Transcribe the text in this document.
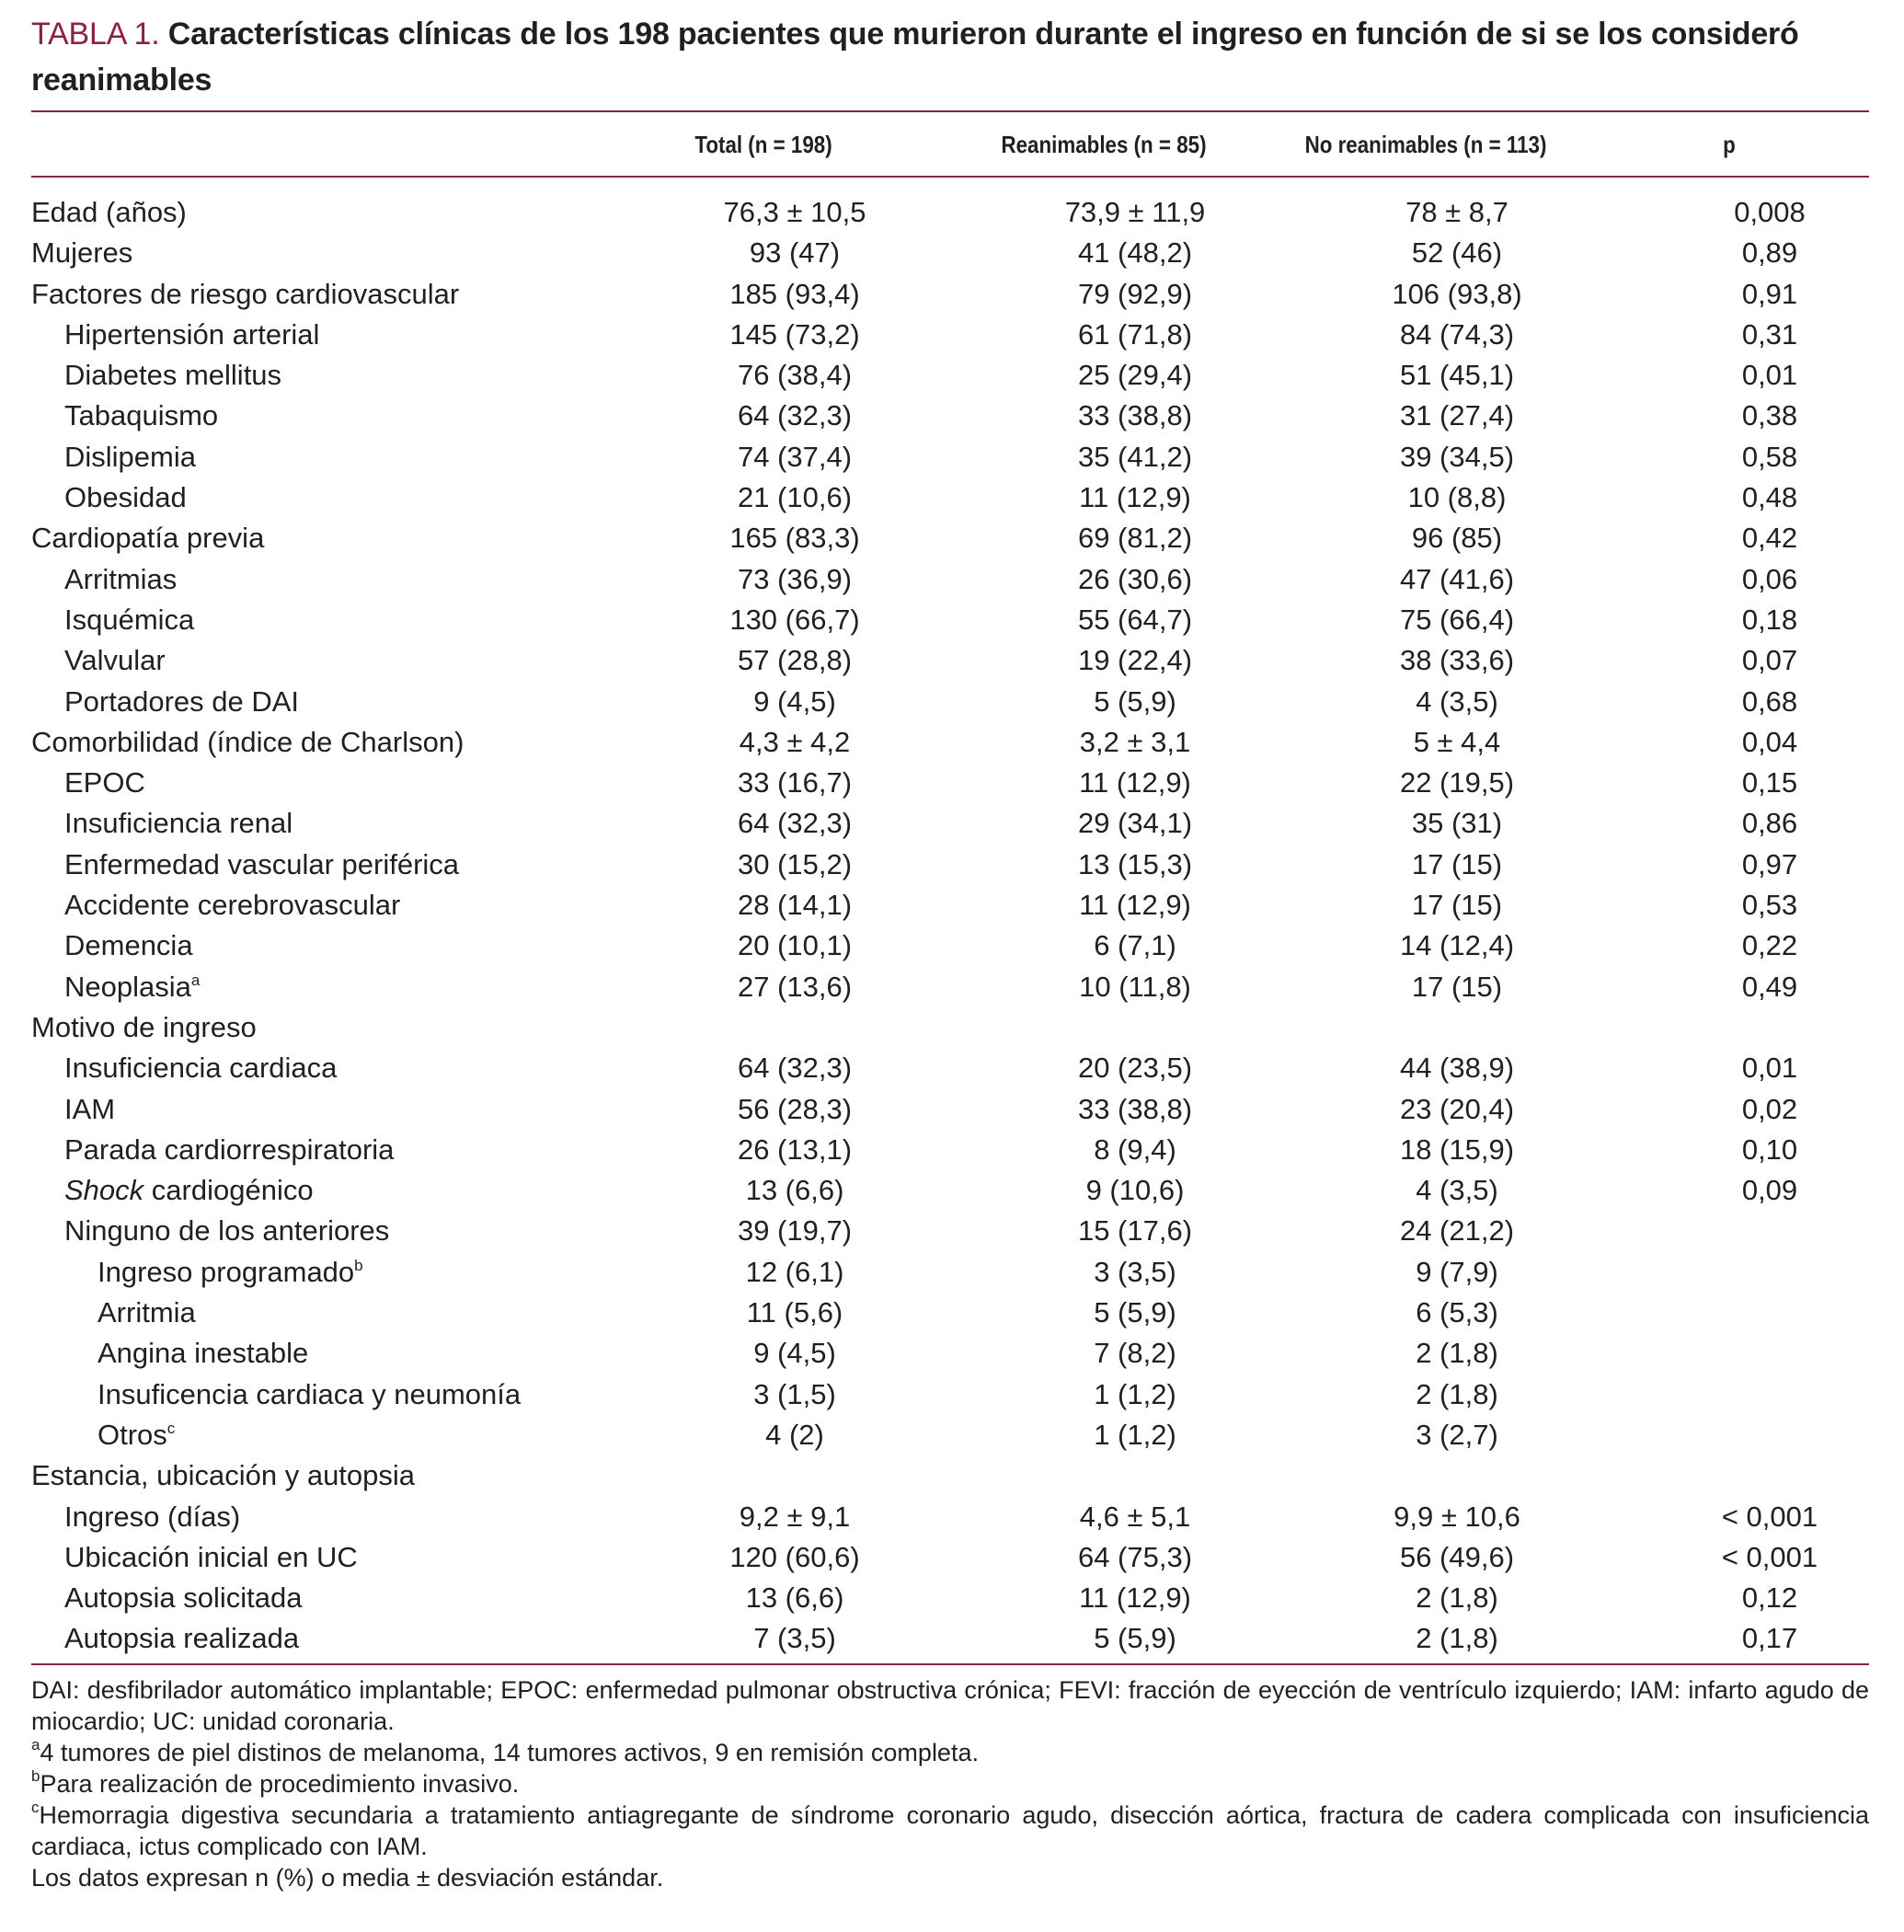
TABLA 1. Características clínicas de los 198 pacientes que murieron durante el ingreso en función de si se los consideró reanimables
Total (n = 198)	Reanimables (n = 85)	No reanimables (n = 113)	p
Edad (años)	76,3 ± 10,5	73,9 ± 11,9	78 ± 8,7	0,008
Mujeres	93 (47)	41 (48,2)	52 (46)	0,89
Factores de riesgo cardiovascular	185 (93,4)	79 (92,9)	106 (93,8)	0,91
Hipertensión arterial	145 (73,2)	61 (71,8)	84 (74,3)	0,31
Diabetes mellitus	76 (38,4)	25 (29,4)	51 (45,1)	0,01
Tabaquismo	64 (32,3)	33 (38,8)	31 (27,4)	0,38
Dislipemia	74 (37,4)	35 (41,2)	39 (34,5)	0,58
Obesidad	21 (10,6)	11 (12,9)	10 (8,8)	0,48
Cardiopatía previa	165 (83,3)	69 (81,2)	96 (85)	0,42
Arritmias	73 (36,9)	26 (30,6)	47 (41,6)	0,06
Isquémica	130 (66,7)	55 (64,7)	75 (66,4)	0,18
Valvular	57 (28,8)	19 (22,4)	38 (33,6)	0,07
Portadores de DAI	9 (4,5)	5 (5,9)	4 (3,5)	0,68
Comorbilidad (índice de Charlson)	4,3 ± 4,2	3,2 ± 3,1	5 ± 4,4	0,04
EPOC	33 (16,7)	11 (12,9)	22 (19,5)	0,15
Insuficiencia renal	64 (32,3)	29 (34,1)	35 (31)	0,86
Enfermedad vascular periférica	30 (15,2)	13 (15,3)	17 (15)	0,97
Accidente cerebrovascular	28 (14,1)	11 (12,9)	17 (15)	0,53
Demencia	20 (10,1)	6 (7,1)	14 (12,4)	0,22
Neoplasia$^a$	27 (13,6)	10 (11,8)	17 (15)	0,49
Motivo de ingreso
Insuficiencia cardiaca	64 (32,3)	20 (23,5)	44 (38,9)	0,01
IAM	56 (28,3)	33 (38,8)	23 (20,4)	0,02
Parada cardiorrespiratoria	26 (13,1)	8 (9,4)	18 (15,9)	0,10
Shock cardiogénico	13 (6,6)	9 (10,6)	4 (3,5)	0,09
Ninguno de los anteriores	39 (19,7)	15 (17,6)	24 (21,2)
Ingreso programado$^b$	12 (6,1)	3 (3,5)	9 (7,9)
Arritmia	11 (5,6)	5 (5,9)	6 (5,3)
Angina inestable	9 (4,5)	7 (8,2)	2 (1,8)
Insuficencia cardiaca y neumonía	3 (1,5)	1 (1,2)	2 (1,8)
Otros$^c$	4 (2)	1 (1,2)	3 (2,7)
Estancia, ubicación y autopsia
Ingreso (días)	9,2 ± 9,1	4,6 ± 5,1	9,9 ± 10,6	< 0,001
Ubicación inicial en UC	120 (60,6)	64 (75,3)	56 (49,6)	< 0,001
Autopsia solicitada	13 (6,6)	11 (12,9)	2 (1,8)	0,12
Autopsia realizada	7 (3,5)	5 (5,9)	2 (1,8)	0,17

DAI: desfibrilador automático implantable; EPOC: enfermedad pulmonar obstructiva crónica; FEVI: fracción de eyección de ventrículo izquierdo; IAM: infarto agudo de miocardio; UC: unidad coronaria.

$^a$4 tumores de piel distinos de melanoma, 14 tumores activos, 9 en remisión completa.

$^b$Para realización de procedimiento invasivo.

$^c$Hemorragia digestiva secundaria a tratamiento antiagregante de síndrome coronario agudo, disección aórtica, fractura de cadera complicada con insuficiencia cardiaca, ictus complicado con IAM.

Los datos expresan n (%) o media ± desviación estándar.
